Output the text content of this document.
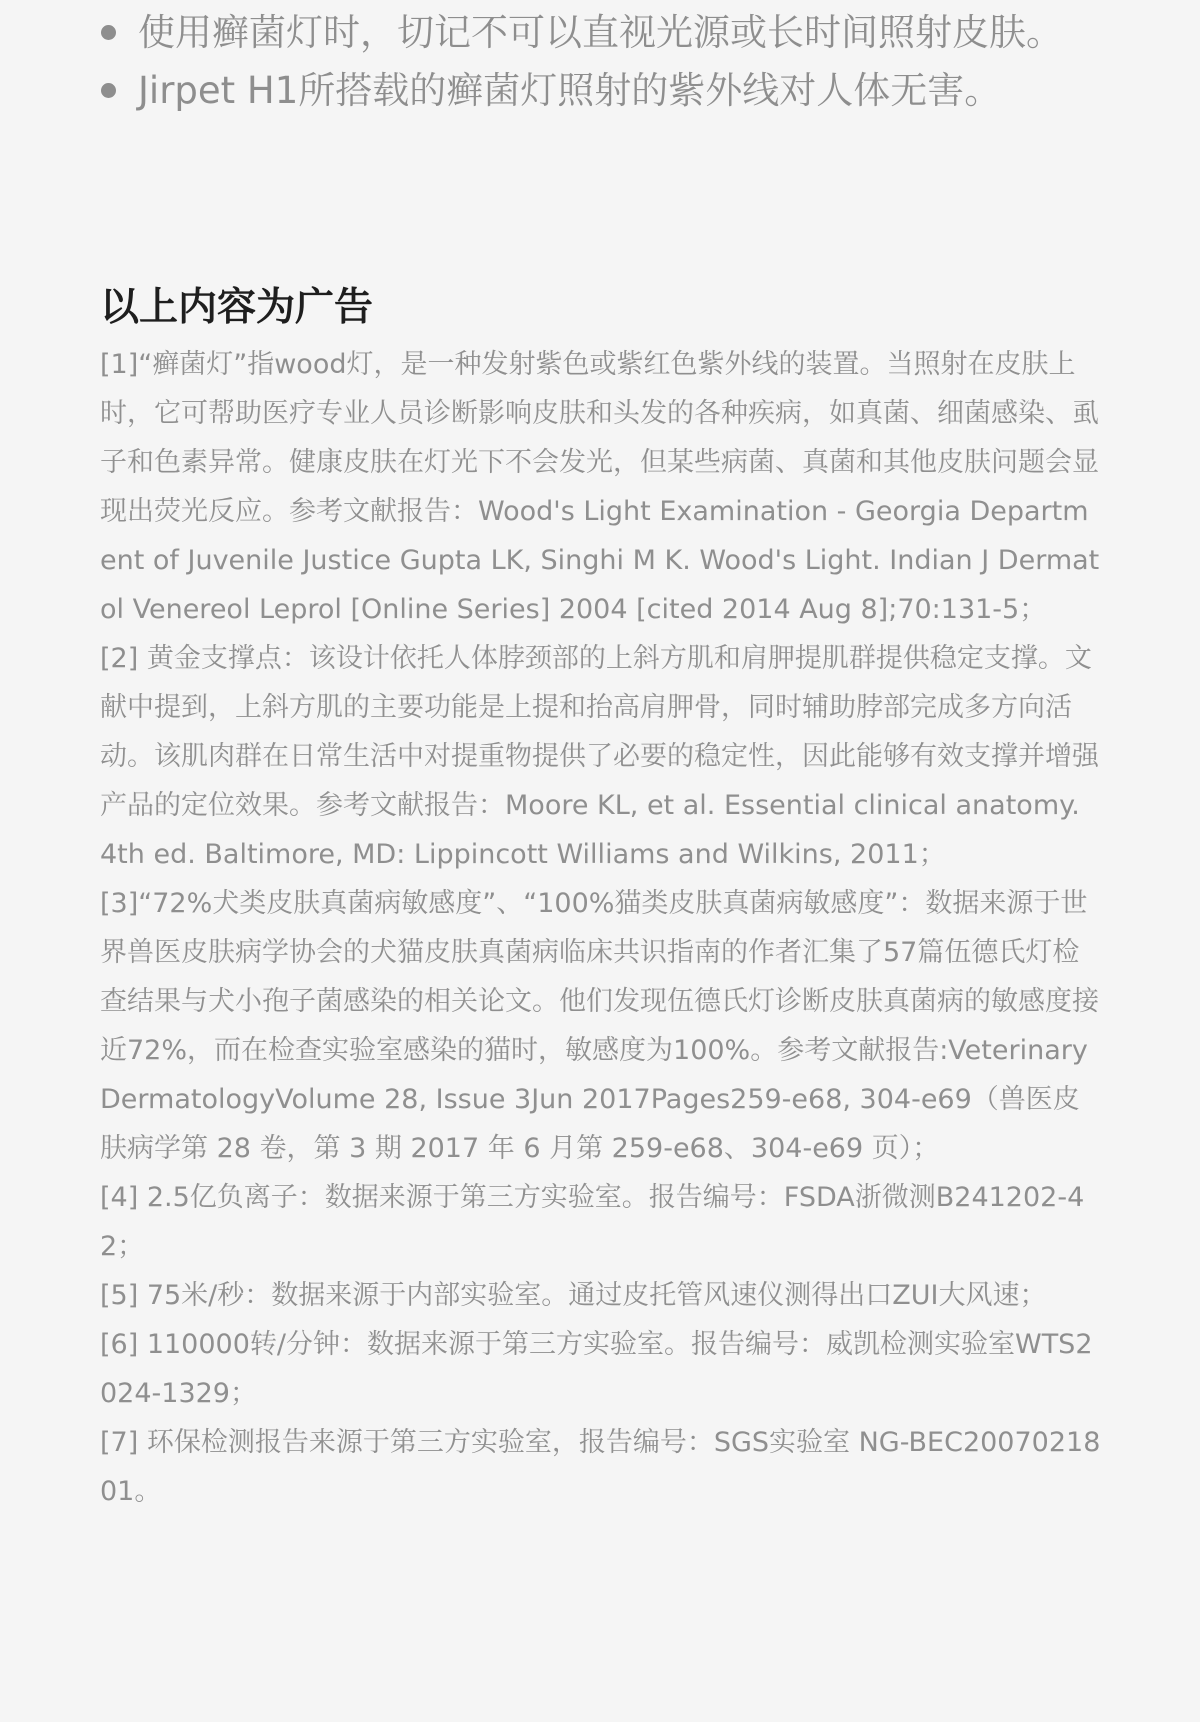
使用癣菌灯时，切记不可以直视光源或长时间照射皮肤。
Jirpet H1所搭载的癣菌灯照射的紫外线对人体无害。
以上内容为广告

[1]“癣菌灯”指wood灯，是一种发射紫色或紫红色紫外线的装置。当照射在皮肤上时，它可帮助医疗专业人员诊断影响皮肤和头发的各种疾病，如真菌、细菌感染、虱子和色素异常。健康皮肤在灯光下不会发光，但某些病菌、真菌和其他皮肤问题会显现出荧光反应。参考文献报告：Wood's Light Examination - Georgia Department of Juvenile Justice Gupta LK, Singhi M K. Wood's Light. Indian J Dermatol Venereol Leprol [Online Series] 2004 [cited 2014 Aug 8];70:131-5；

[2] 黄金支撑点：该设计依托人体脖颈部的上斜方肌和肩胛提肌群提供稳定支撑。文献中提到，上斜方肌的主要功能是上提和抬高肩胛骨，同时辅助脖部完成多方向活动。该肌肉群在日常生活中对提重物提供了必要的稳定性，因此能够有效支撑并增强产品的定位效果。参考文献报告：Moore KL, et al. Essential clinical anatomy. 4th ed. Baltimore, MD: Lippincott Williams and Wilkins, 2011；

[3]“72%犬类皮肤真菌病敏感度”、“100%猫类皮肤真菌病敏感度”：数据来源于世界兽医皮肤病学协会的犬猫皮肤真菌病临床共识指南的作者汇集了57篇伍德氏灯检查结果与犬小孢子菌感染的相关论文。他们发现伍德氏灯诊断皮肤真菌病的敏感度接近72%，而在检查实验室感染的猫时，敏感度为100%。参考文献报告:Veterinary DermatologyVolume 28, Issue 3Jun 2017Pages259-e68, 304-e69（兽医皮肤病学第 28 卷，第 3 期 2017 年 6 月第 259-e68、304-e69 页）；

[4] 2.5亿负离子：数据来源于第三方实验室。报告编号：FSDA浙微测B241202-42；

[5] 75米/秒：数据来源于内部实验室。通过皮托管风速仪测得出口ZUI大风速；

[6] 110000转/分钟：数据来源于第三方实验室。报告编号：威凯检测实验室WTS2024-1329；

[7] 环保检测报告来源于第三方实验室，报告编号：SGS实验室 NG-BEC2007021801。
